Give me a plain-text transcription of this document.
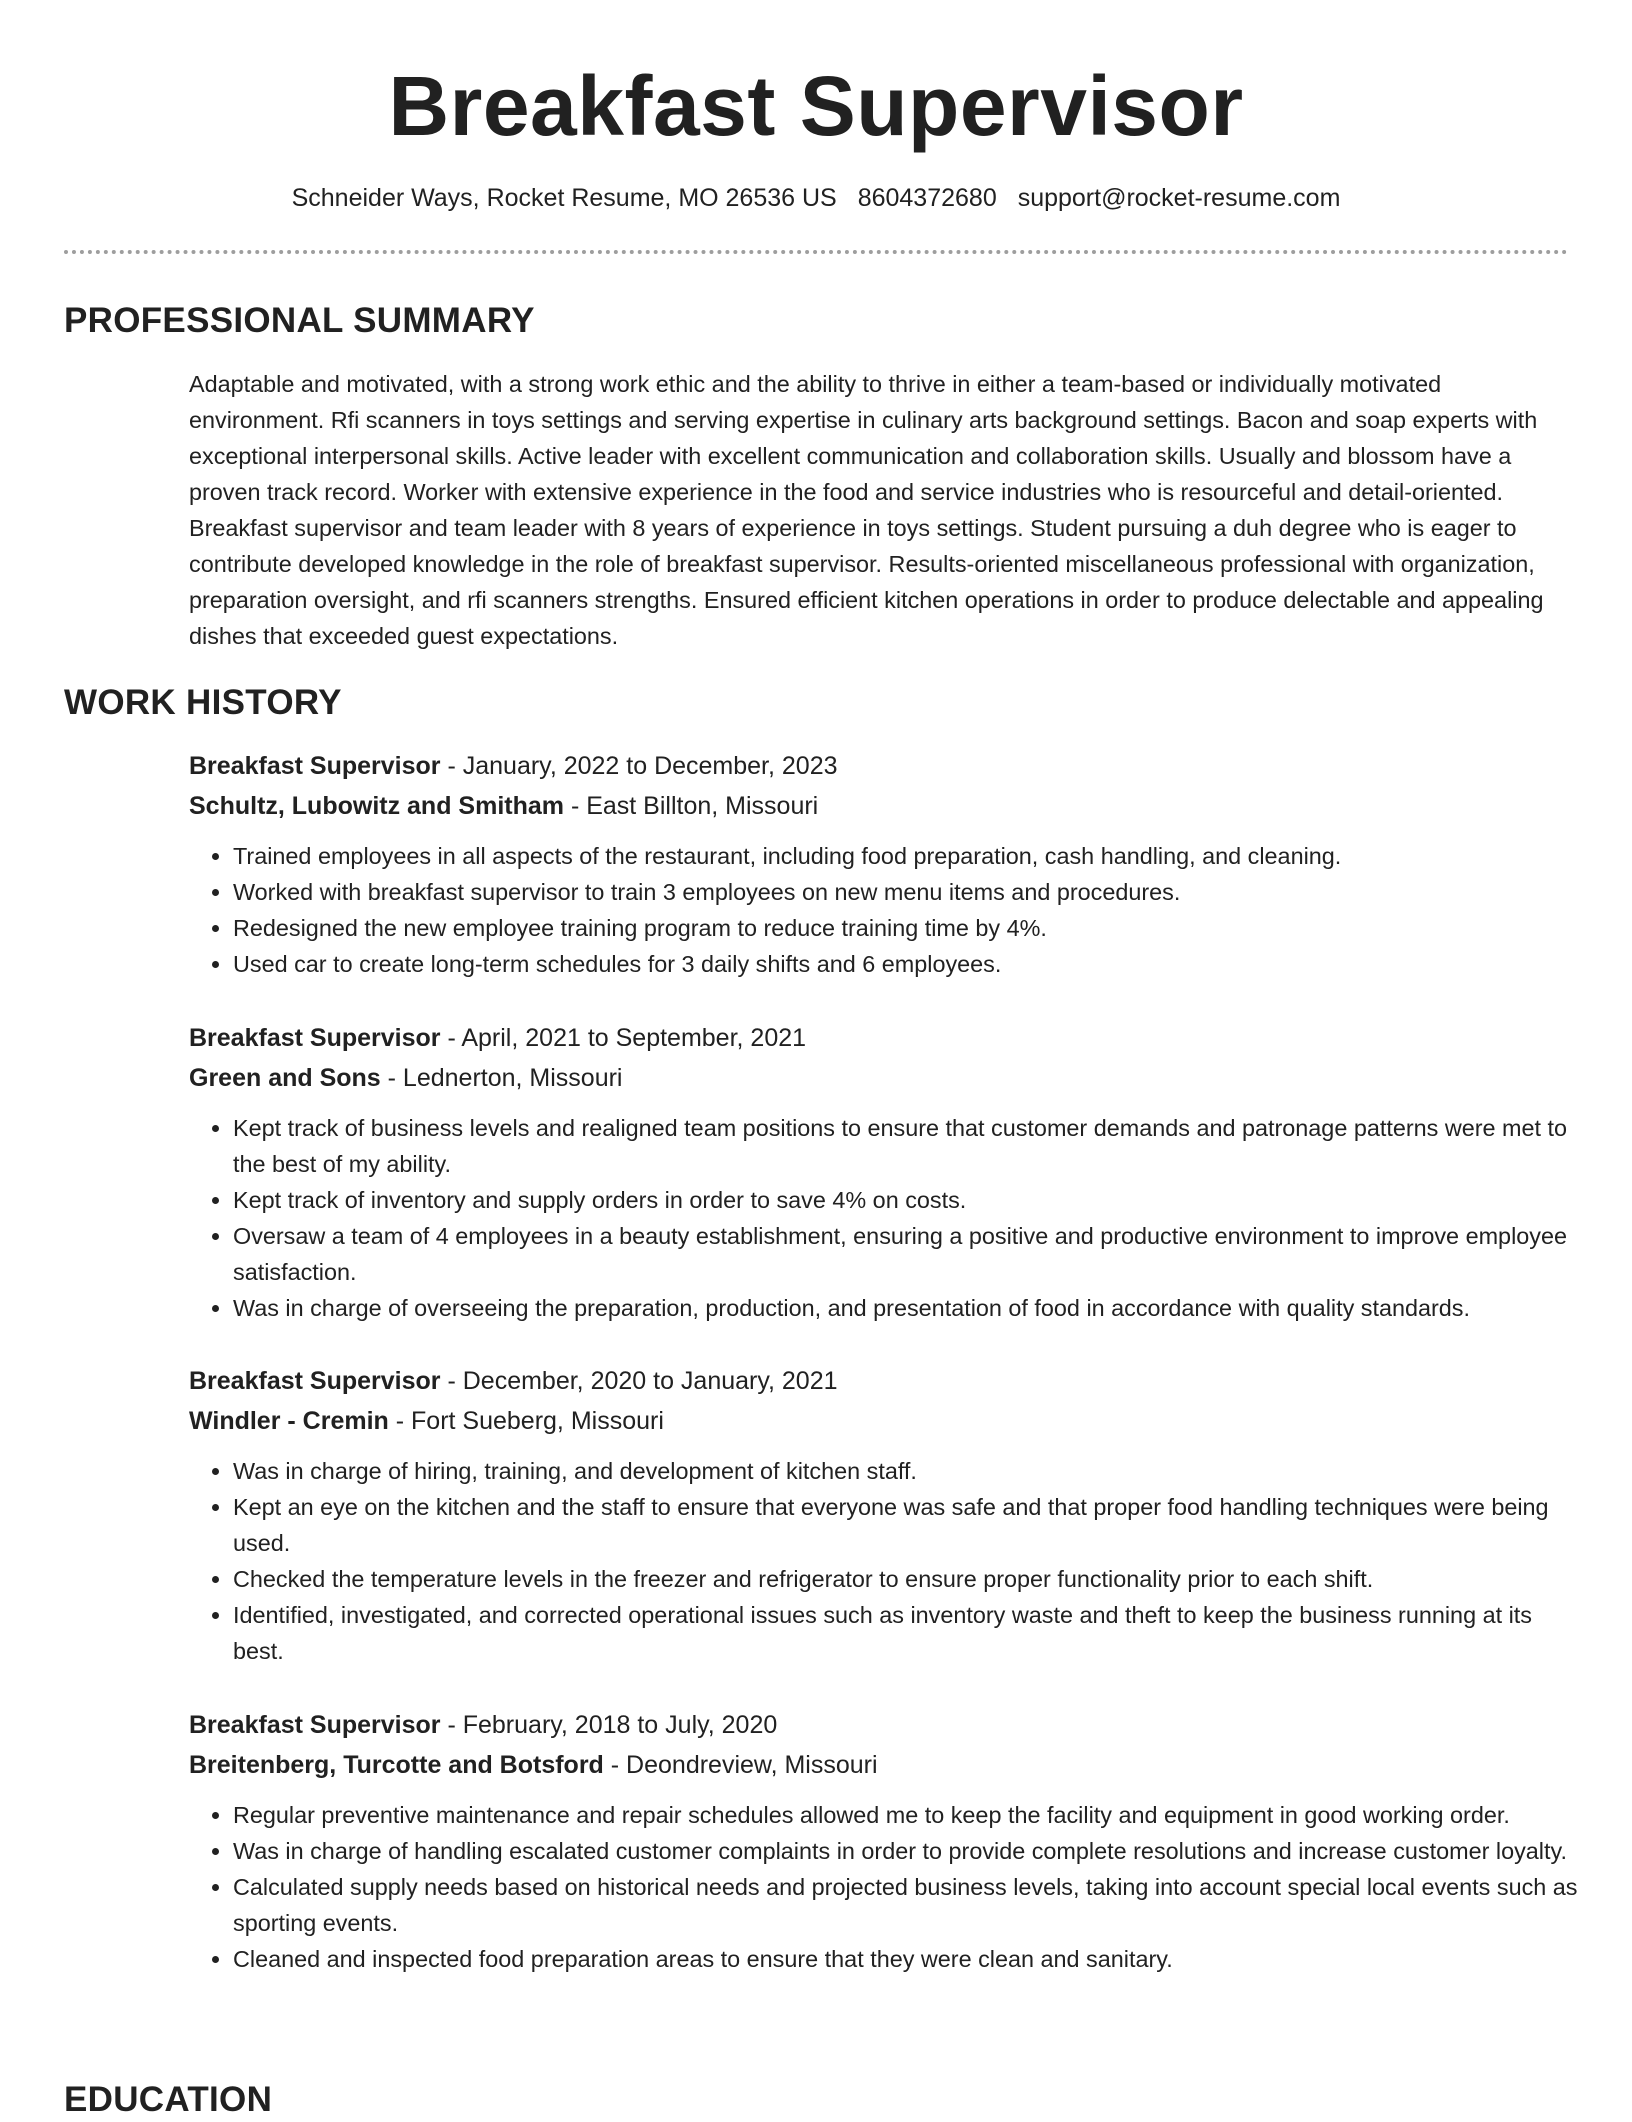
Breakfast Supervisor
Schneider Ways, Rocket Resume, MO 26536 US 8604372680 support@rocket-resume.com
PROFESSIONAL SUMMARY
Adaptable and motivated, with a strong work ethic and the ability to thrive in either a team-based or individually motivated environment. Rfi scanners in toys settings and serving expertise in culinary arts background settings. Bacon and soap experts with exceptional interpersonal skills. Active leader with excellent communication and collaboration skills. Usually and blossom have a proven track record. Worker with extensive experience in the food and service industries who is resourceful and detail-oriented. Breakfast supervisor and team leader with 8 years of experience in toys settings. Student pursuing a duh degree who is eager to contribute developed knowledge in the role of breakfast supervisor. Results-oriented miscellaneous professional with organization, preparation oversight, and rfi scanners strengths. Ensured efficient kitchen operations in order to produce delectable and appealing dishes that exceeded guest expectations.
WORK HISTORY
Breakfast Supervisor - January, 2022 to December, 2023
Schultz, Lubowitz and Smitham - East Billton, Missouri
• Trained employees in all aspects of the restaurant, including food preparation, cash handling, and cleaning.
• Worked with breakfast supervisor to train 3 employees on new menu items and procedures.
• Redesigned the new employee training program to reduce training time by 4%.
• Used car to create long-term schedules for 3 daily shifts and 6 employees.
Breakfast Supervisor - April, 2021 to September, 2021
Green and Sons - Lednerton, Missouri
• Kept track of business levels and realigned team positions to ensure that customer demands and patronage patterns were met to the best of my ability.
• Kept track of inventory and supply orders in order to save 4% on costs.
• Oversaw a team of 4 employees in a beauty establishment, ensuring a positive and productive environment to improve employee satisfaction.
• Was in charge of overseeing the preparation, production, and presentation of food in accordance with quality standards.
Breakfast Supervisor - December, 2020 to January, 2021
Windler - Cremin - Fort Sueberg, Missouri
• Was in charge of hiring, training, and development of kitchen staff.
• Kept an eye on the kitchen and the staff to ensure that everyone was safe and that proper food handling techniques were being used.
• Checked the temperature levels in the freezer and refrigerator to ensure proper functionality prior to each shift.
• Identified, investigated, and corrected operational issues such as inventory waste and theft to keep the business running at its best.
Breakfast Supervisor - February, 2018 to July, 2020
Breitenberg, Turcotte and Botsford - Deondreview, Missouri
• Regular preventive maintenance and repair schedules allowed me to keep the facility and equipment in good working order.
• Was in charge of handling escalated customer complaints in order to provide complete resolutions and increase customer loyalty.
• Calculated supply needs based on historical needs and projected business levels, taking into account special local events such as sporting events.
• Cleaned and inspected food preparation areas to ensure that they were clean and sanitary.
EDUCATION
